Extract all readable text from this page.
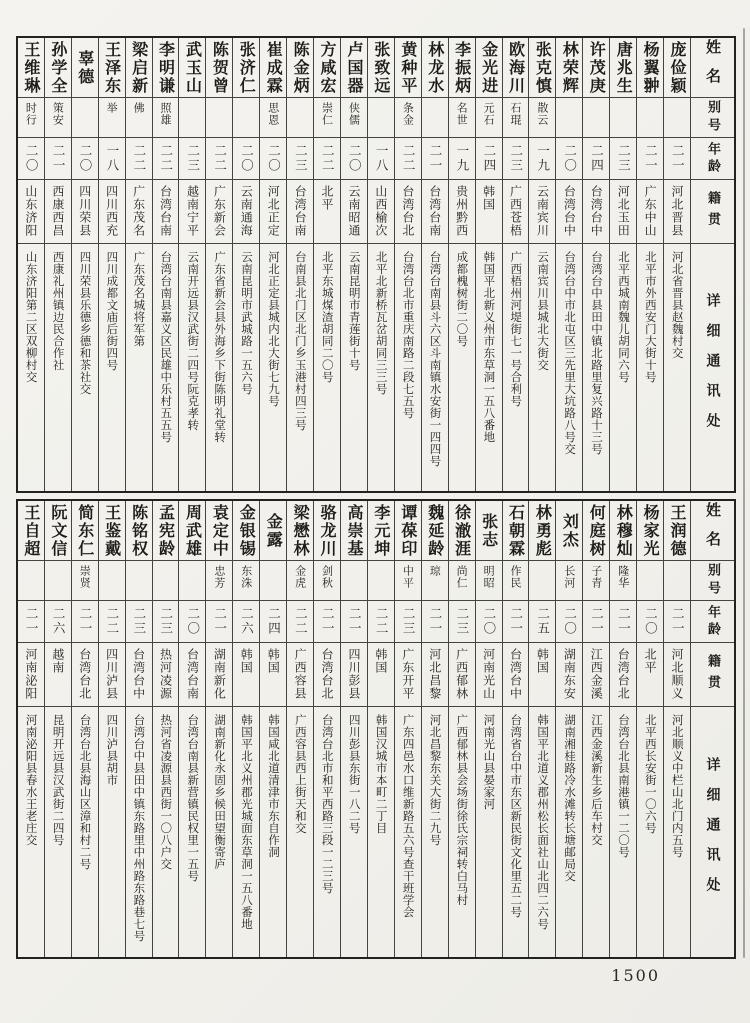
姓名
别号
年龄
籍贯
详细通讯处
庞俭颖
二一
河北晋县
河北省晋县赵魏村交
杨翼翀
二一
广东中山
北平市外西安门大街十号
唐兆生
二三
河北玉田
北平西城南魏儿胡同六号
许茂庚
二四
台湾台中
台湾台中县田中镇北路里复兴路十三号
林荣辉
二〇
台湾台中
台湾台中市北屯区三先里大坑路八号交
张克慎
散云
一九
云南宾川
云南宾川县城北大街交
欧海川
石琨
二三
广西苍梧
广西梧州河堤街七一号合利号
金光进
元石
二四
韩国
韩国平北新义州市东草洞一五八番地
李振炳
名世
一九
贵州黔西
成都槐树街二〇号
林龙水
二一
台湾台南
台湾台南县斗六区斗南镇水安街一四四号
黄种平
条金
二二
台湾台北
台湾台北市重庆南路二段七五号
张致远
一八
山西榆次
北平北新桥瓦岔胡同三三号
卢国器
侠儒
二〇
云南昭通
云南昆明市青莲街十号
方咸宏
崇仁
二二
北平
北平东城煤渣胡同二〇号
陈金炳
二三
台湾台南
台南县北门区北门乡玉港村四三号
崔成霖
思恩
二〇
河北正定
河北正定县城内北大街七九号
张济仁
二〇
云南通海
云南昆明市武城路一五六号
陈贺曾
二二
广东新会
广东省新会县外海乡下街陈明礼堂转
武玉山
二三
越南宁平
云南开远县汉武街二四号阮克孝转
李明谦
照雄
二二
台湾台南
台湾台南县嘉义区民雄中乐村五五号
梁启新
佛
二二
广东茂名
广东茂名城将军第
王泽东
举
一八
四川西充
四川成都文庙后街四号
辜德
二〇
四川荣县
四川荣县乐德乡德和茶社交
孙学全
策安
二一
西康西昌
西康礼州镇边民合作社
王维琳
时行
二〇
山东济阳
山东济阳第二区双柳村交
姓名
别号
年龄
籍贯
详细通讯处
王润德
二一
河北顺义
河北顺义中栏山北门内五号
杨家光
二〇
北平
北平西长安街一〇六号
林穆灿
隆华
二一
台湾台北
台湾台北县南港镇一二〇号
何庭树
子青
二一
江西金溪
江西金溪新生乡后车村交
刘杰
长河
二〇
湖南东安
湖南湘桂路冷水滩转长塘邮局交
林勇彪
二五
韩国
韩国平北道义郡州松长面社山北四二六号
石朝霖
作民
二一
台湾台中
台湾省台中市东区新民街文化里五二号
张志
明昭
二〇
河南光山
河南光山县晏家河
徐澈涯
尚仁
二三
广西郁林
广西郁林县会场街徐氏宗祠转白马村
魏延龄
琼
二一
河北昌黎
河北昌黎东关大街二九号
谭葆印
中平
二三
广东开平
广东四邑水口维新路五六号查干班学会
李元坤
二二
韩国
韩国汉城市本町二丁目
高崇基
二一
四川彭县
四川彭县东街一八二号
骆龙川
剑秋
二一
台湾台北
台湾台北市和平西路三段一二三号
梁懋林
金虎
二二
广西容县
广西容县西上街天和交
金露
二四
韩国
韩国咸北道清津市东自作洞
金银锡
东洙
二六
韩国
韩国平北义州郡光城面东草洞一五八番地
袁定中
忠芳
二一
湖南新化
湖南新化永固乡候田望衡寄庐
周武雄
二〇
台湾台南
台湾台南县新营镇民权里一五号
孟宪龄
二三
热河凌源
热河省凌源县西街一〇八户交
陈铭权
二三
台湾台中
台湾台中县田中镇东路里中州路东路巷七号
王鉴戴
二二
四川泸县
四川泸县胡市
简东仁
崇贤
二一
台湾台北
台湾台北县海山区漳和村二号
阮文信
二六
越南
昆明开远县汉武街二四号
王自超
二一
河南泌阳
河南泌阳县春水王老庄交
1500
